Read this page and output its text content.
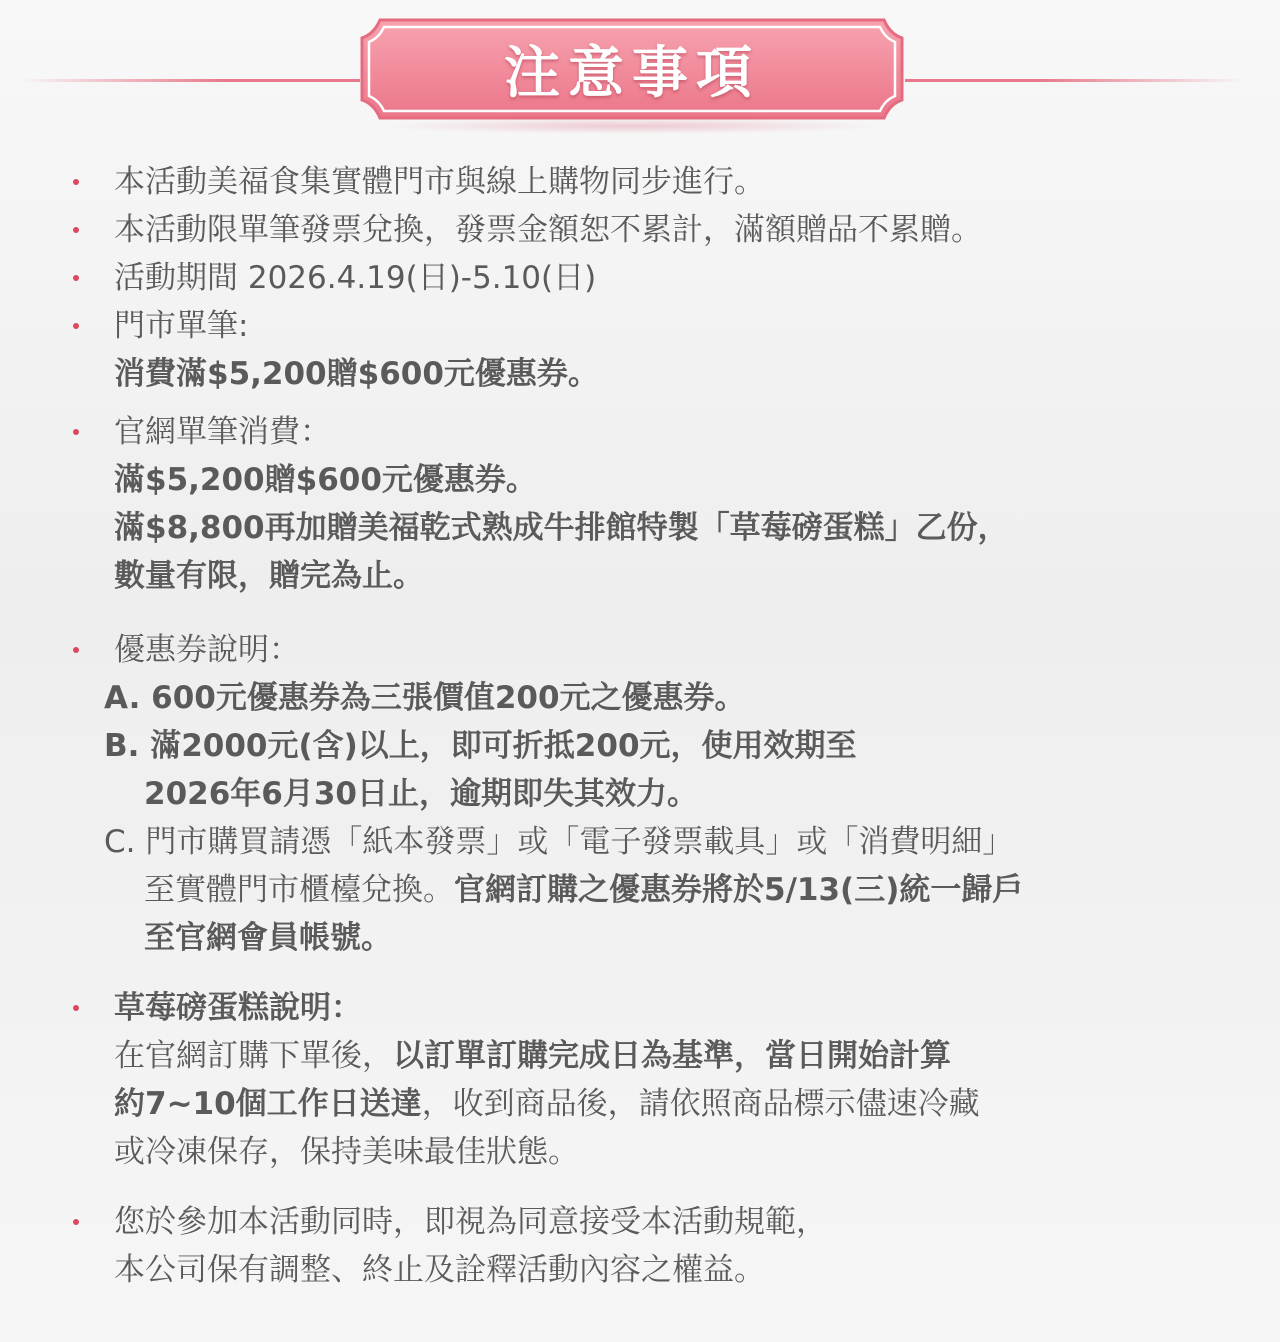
注意事項
本活動美福食集實體門市與線上購物同步進行。
本活動限單筆發票兌換，發票金額恕不累計，滿額贈品不累贈。
活動期間 2026.4.19(日)-5.10(日)
門市單筆:
消費滿$5,200贈$600元優惠券。
官網單筆消費：
滿$5,200贈$600元優惠券。
滿$8,800再加贈美福乾式熟成牛排館特製「草莓磅蛋糕」乙份，
數量有限，贈完為止。
優惠券說明：
A. 600元優惠券為三張價值200元之優惠券。
B. 滿2000元(含)以上，即可折抵200元，使用效期至
2026年6月30日止，逾期即失其效力。
C. 門市購買請憑「紙本發票」或「電子發票載具」或「消費明細」
至實體門市櫃檯兌換。官網訂購之優惠券將於5/13(三)統一歸戶
至官網會員帳號。
草莓磅蛋糕說明：
在官網訂購下單後，以訂單訂購完成日為基準，當日開始計算
約7~10個工作日送達，收到商品後，請依照商品標示儘速冷藏
或冷凍保存，保持美味最佳狀態。
您於參加本活動同時，即視為同意接受本活動規範，
本公司保有調整、終止及詮釋活動內容之權益。
